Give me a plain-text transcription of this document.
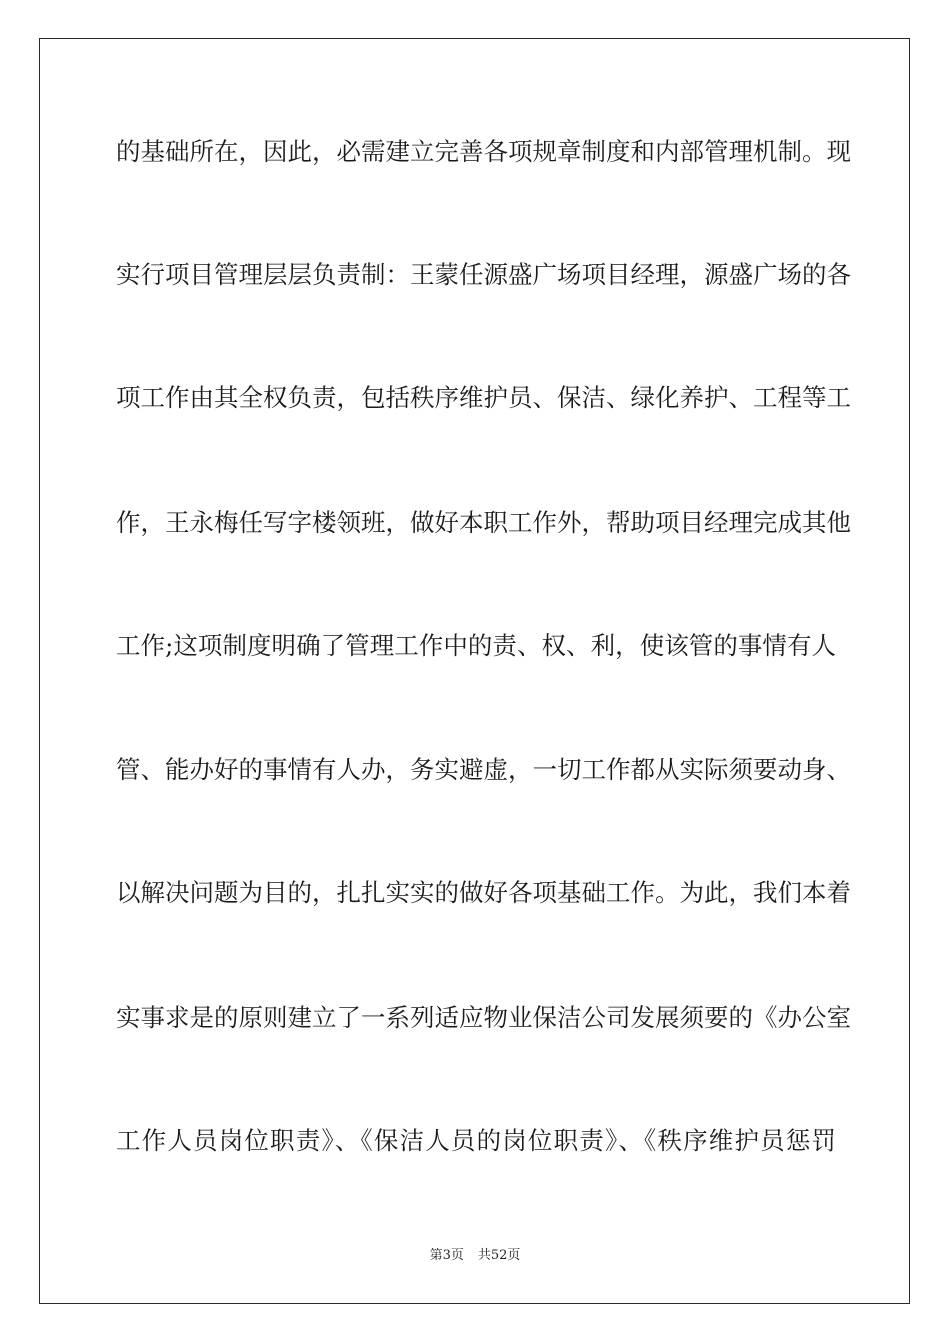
的基础所在，因此，必需建立完善各项规章制度和内部管理机制。现
实行项目管理层层负责制：王蒙任源盛广场项目经理，源盛广场的各
项工作由其全权负责，包括秩序维护员、保洁、绿化养护、工程等工
作，王永梅任写字楼领班，做好本职工作外，帮助项目经理完成其他
工作;这项制度明确了管理工作中的责、权、利，使该管的事情有人
管、能办好的事情有人办，务实避虚，一切工作都从实际须要动身、
以解决问题为目的，扎扎实实的做好各项基础工作。为此，我们本着
实事求是的原则建立了一系列适应物业保洁公司发展须要的《办公室
工作人员岗位职责》、《保洁人员的岗位职责》、《秩序维护员惩罚
第3页 共52页
